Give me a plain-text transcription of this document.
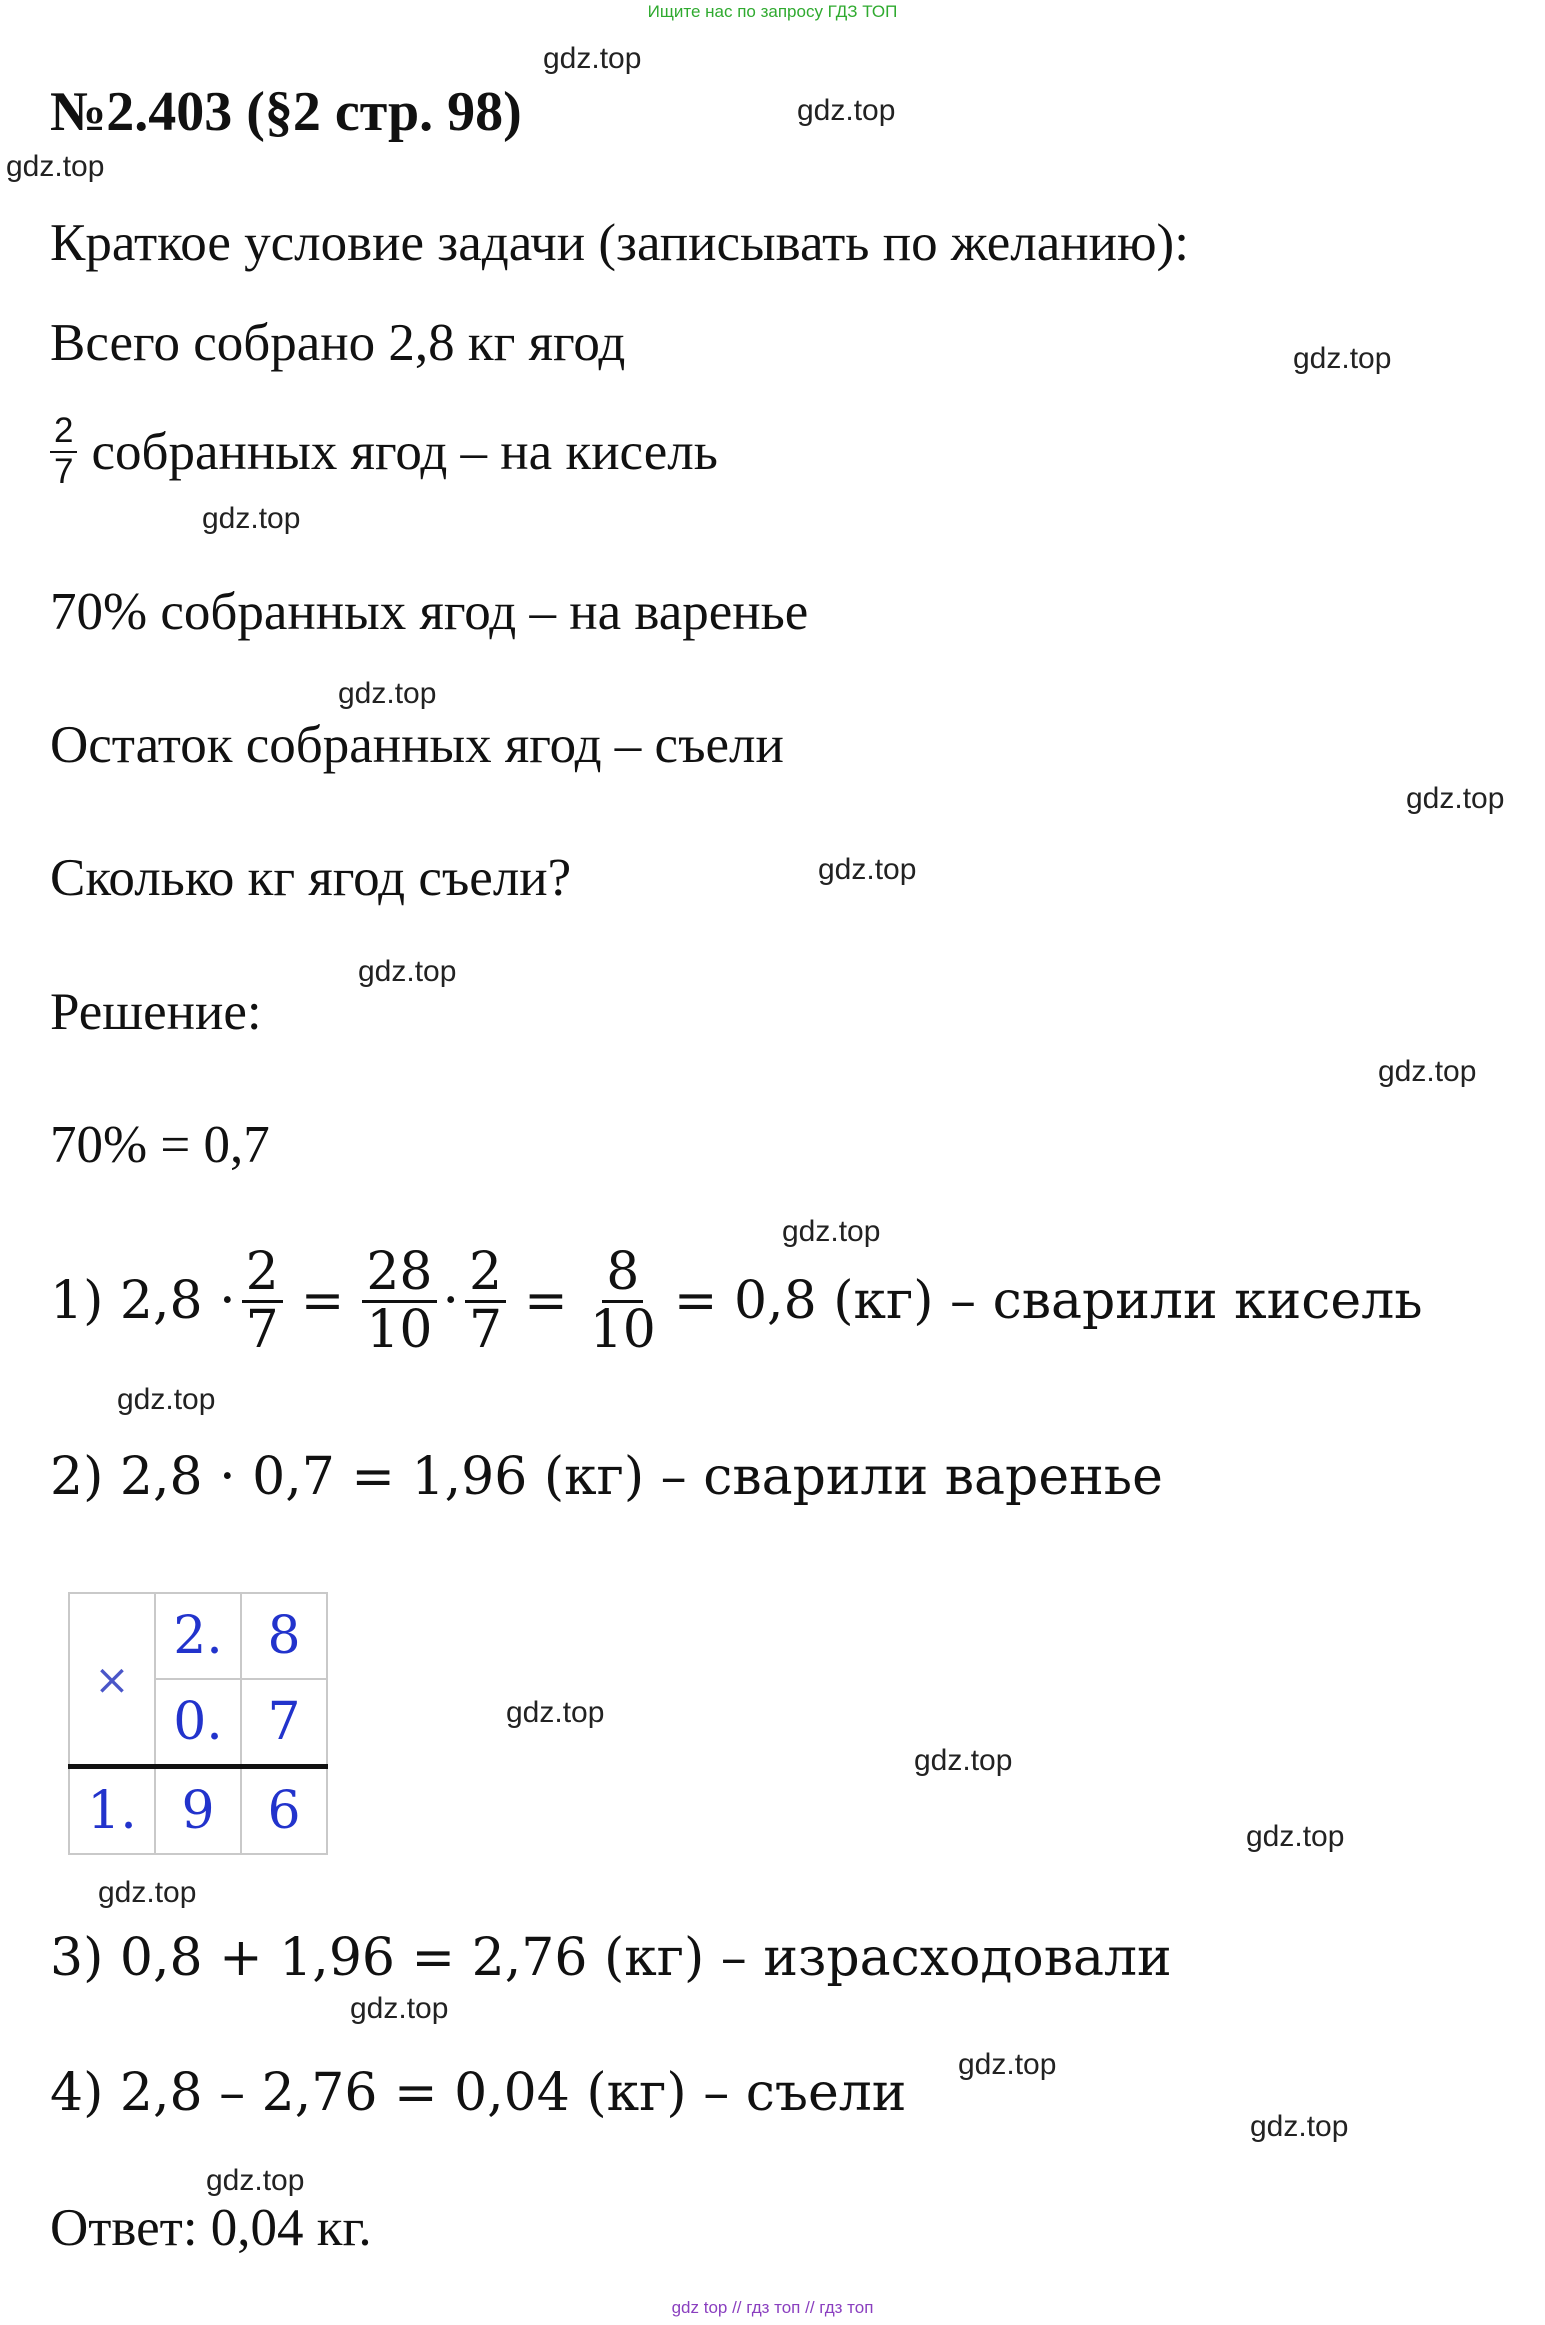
Ищите нас по запросу ГДЗ ТОП
№2.403 (§2 стр. 98)
Краткое условие задачи (записывать по желанию):
Всего собрано 2,8 кг ягод
$\frac{2}{7}$ собранных ягод – на кисель
70% собранных ягод – на варенье
Остаток собранных ягод – съели
Сколько кг ягод съели?
Решение:
70% = 0,7
1) $2,8 \cdot \frac{2}{7} = \frac{28}{10} \cdot \frac{2}{7} = \frac{8}{10} = 0,8$ (кг) – сварили кисель
2) 2,8 · 0,7 = 1,96 (кг) – сварили варенье
×	2.	8
	0.	7
1.	9	6
3) 0,8 + 1,96 = 2,76 (кг) – израсходовали
4) 2,8 – 2,76 = 0,04 (кг) – съели
Ответ: 0,04 кг.
gdz.top
gdz.top
gdz.top
gdz.top
gdz.top
gdz.top
gdz.top
gdz.top
gdz.top
gdz.top
gdz.top
gdz.top
gdz.top
gdz.top
gdz.top
gdz.top
gdz.top
gdz.top
gdz.top
gdz.top
gdz top // гдз топ // гдз топ
